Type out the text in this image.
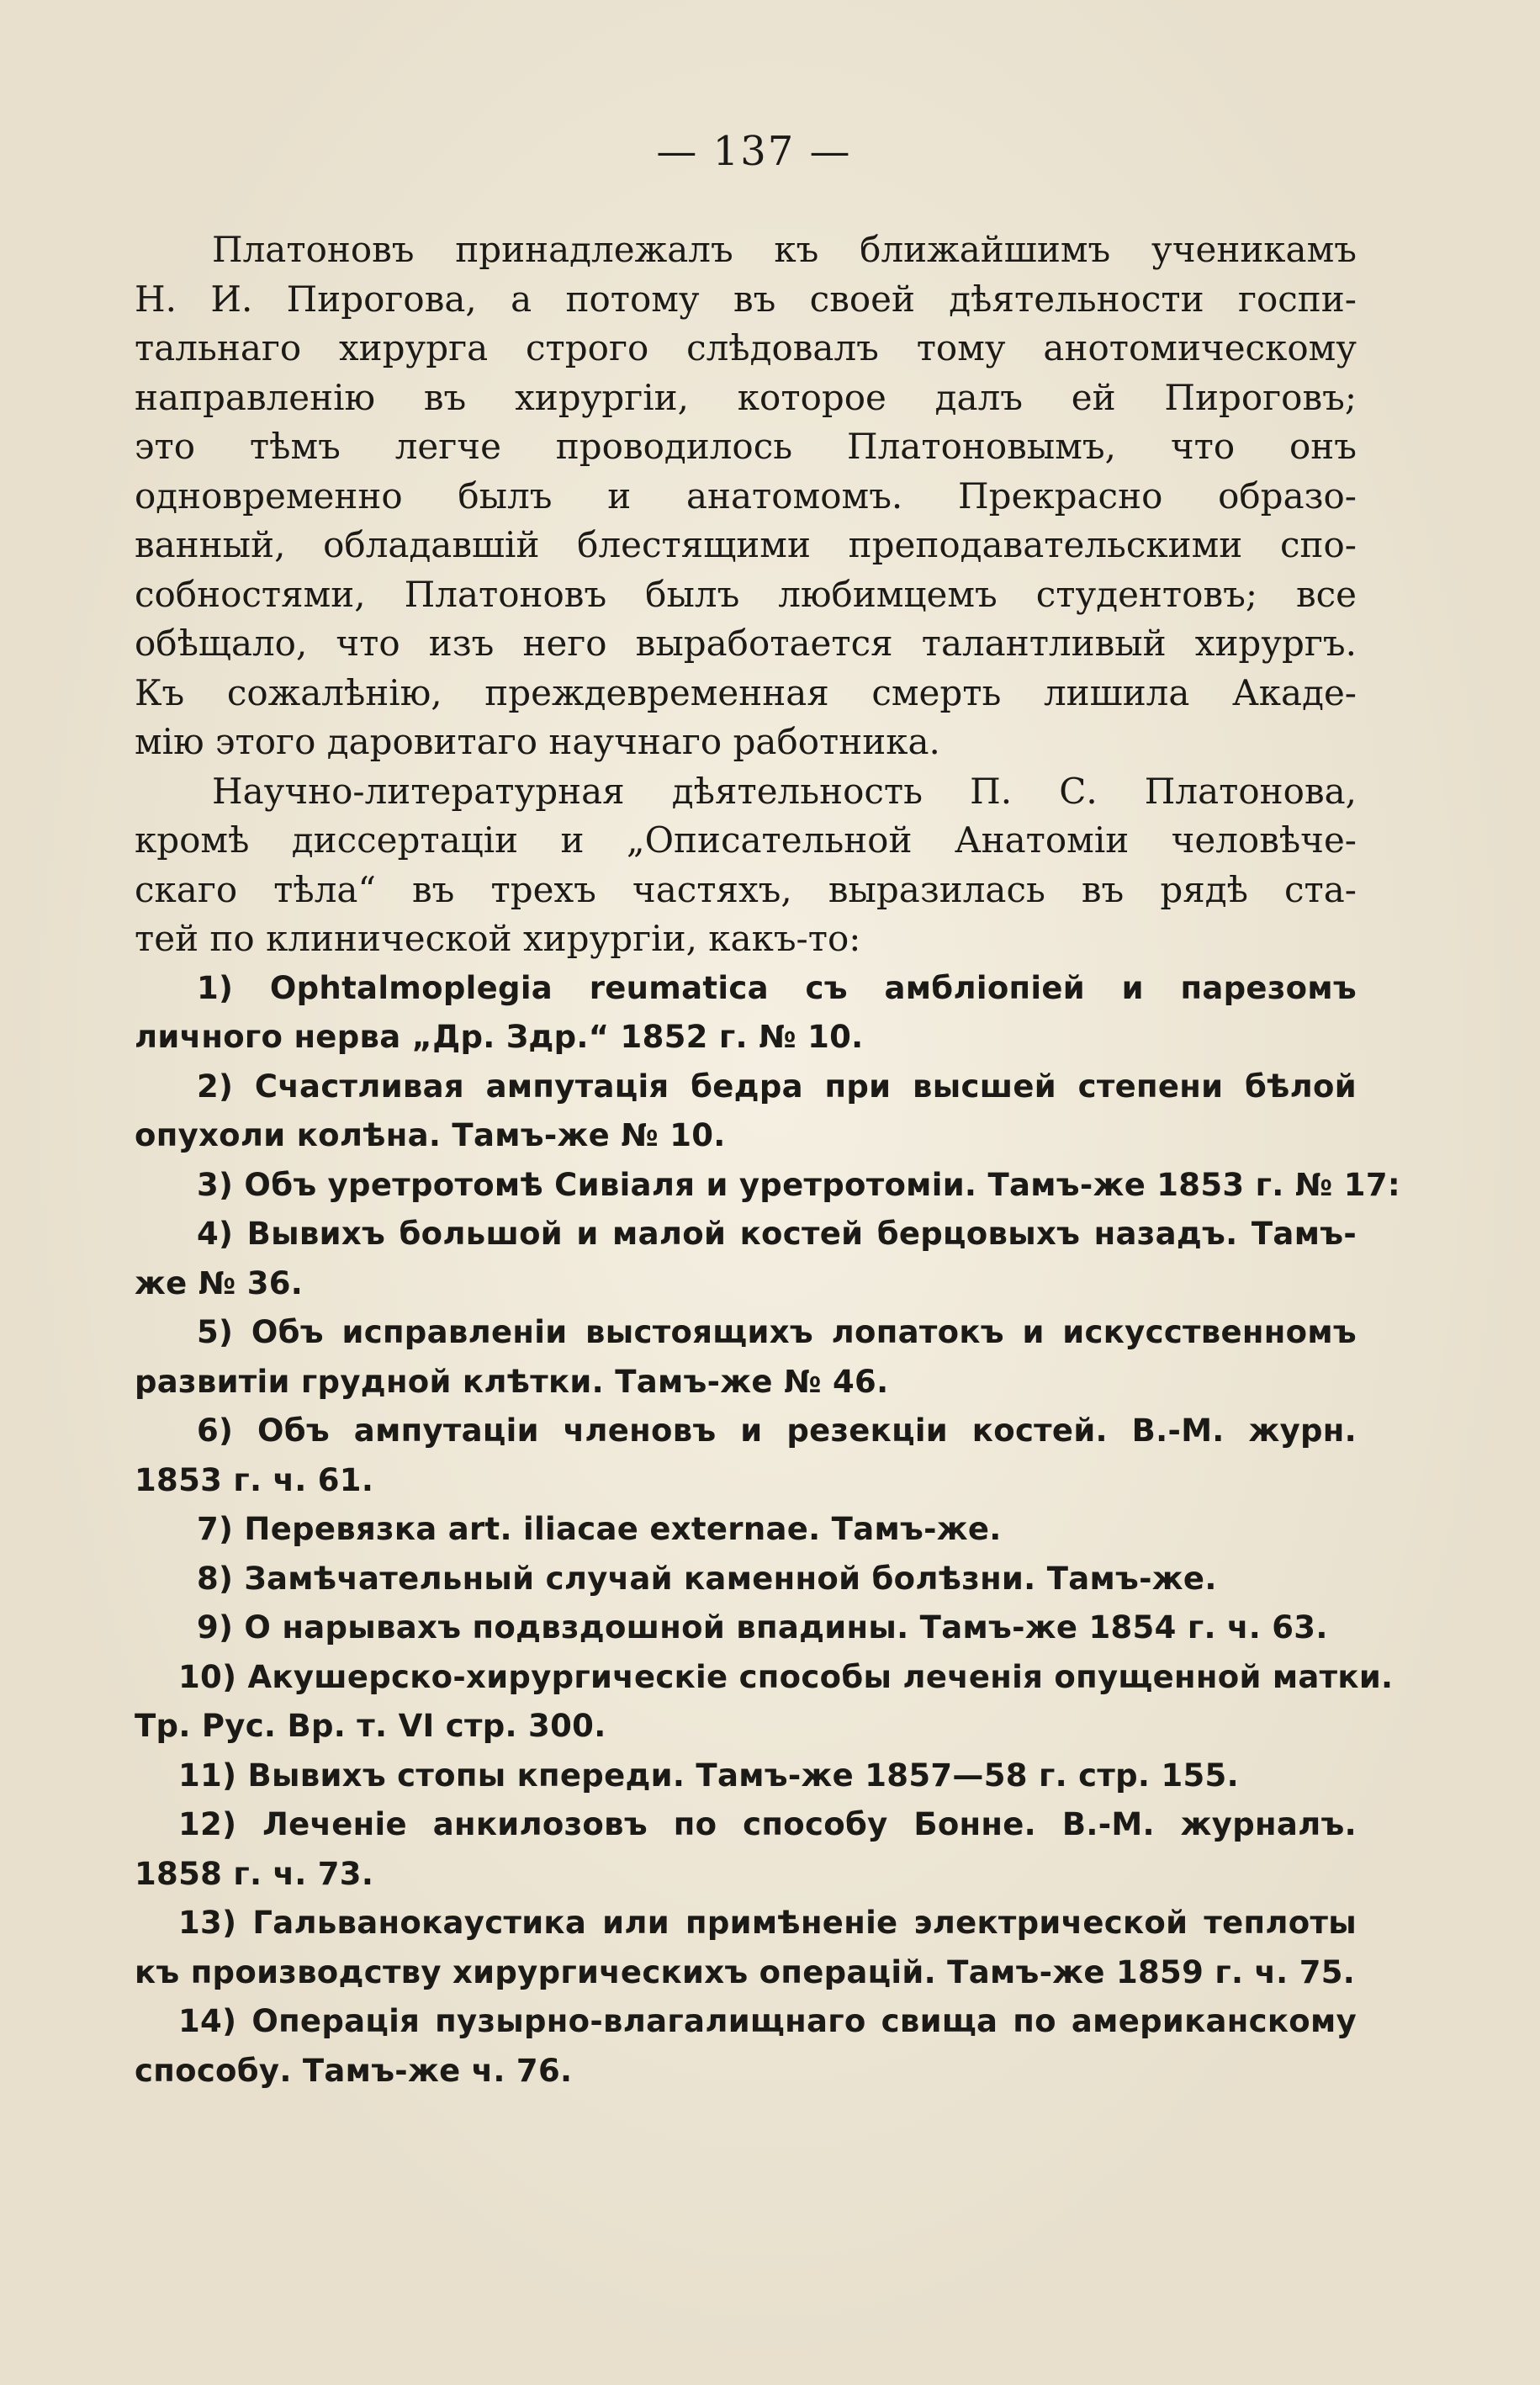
— 137 —

Платоновъ принадлежалъ къ ближайшимъ ученикамъ
Н. И. Пирогова, а потому въ своей дѣятельности госпи-
тальнаго хирурга строго слѣдовалъ тому анотомическому
направленію въ хирургіи, которое далъ ей Пироговъ;
это тѣмъ легче проводилось Платоновымъ, что онъ
одновременно былъ и анатомомъ. Прекрасно образо-
ванный, обладавшій блестящими преподавательскими спо-
собностями, Платоновъ былъ любимцемъ студентовъ; все
обѣщало, что изъ него выработается талантливый хирургъ.
Къ сожалѣнію, преждевременная смерть лишила Акаде-
мію этого даровитаго научнаго работника.

Научно-литературная дѣятельность П. С. Платонова,
кромѣ диссертаціи и „Описательной Анатоміи человѣче-
скаго тѣла“ въ трехъ частяхъ, выразилась въ рядѣ ста-
тей по клинической хирургіи, какъ-то:

1) Ophtalmoplegia reumatica съ амбліопіей и парезомъ
личного нерва „Др. Здр.“ 1852 г. № 10.
2) Счастливая ампутація бедра при высшей степени бѣлой
опухоли колѣна. Тамъ-же № 10.
3) Объ уретротомѣ Сивіаля и уретротоміи. Тамъ-же 1853 г. № 17:
4) Вывихъ большой и малой костей берцовыхъ назадъ. Тамъ-
же № 36.
5) Объ исправленіи выстоящихъ лопатокъ и искусственномъ
развитіи грудной клѣтки. Тамъ-же № 46.
6) Объ ампутаціи членовъ и резекціи костей. В.-М. журн.
1853 г. ч. 61.
7) Перевязка art. iliacae externae. Тамъ-же.
8) Замѣчательный случай каменной болѣзни. Тамъ-же.
9) О нарывахъ подвздошной впадины. Тамъ-же 1854 г. ч. 63.
10) Акушерско-хирургическіе способы леченія опущенной матки.
Тр. Рус. Вр. т. VI стр. 300.
11) Вывихъ стопы кпереди. Тамъ-же 1857—58 г. стр. 155.
12) Леченіе анкилозовъ по способу Бонне. В.-М. журналъ.
1858 г. ч. 73.
13) Гальванокаустика или примѣненіе электрической теплоты
къ производству хирургическихъ операцій. Тамъ-же 1859 г. ч. 75.
14) Операція пузырно-влагалищнаго свища по американскому
способу. Тамъ-же ч. 76.
